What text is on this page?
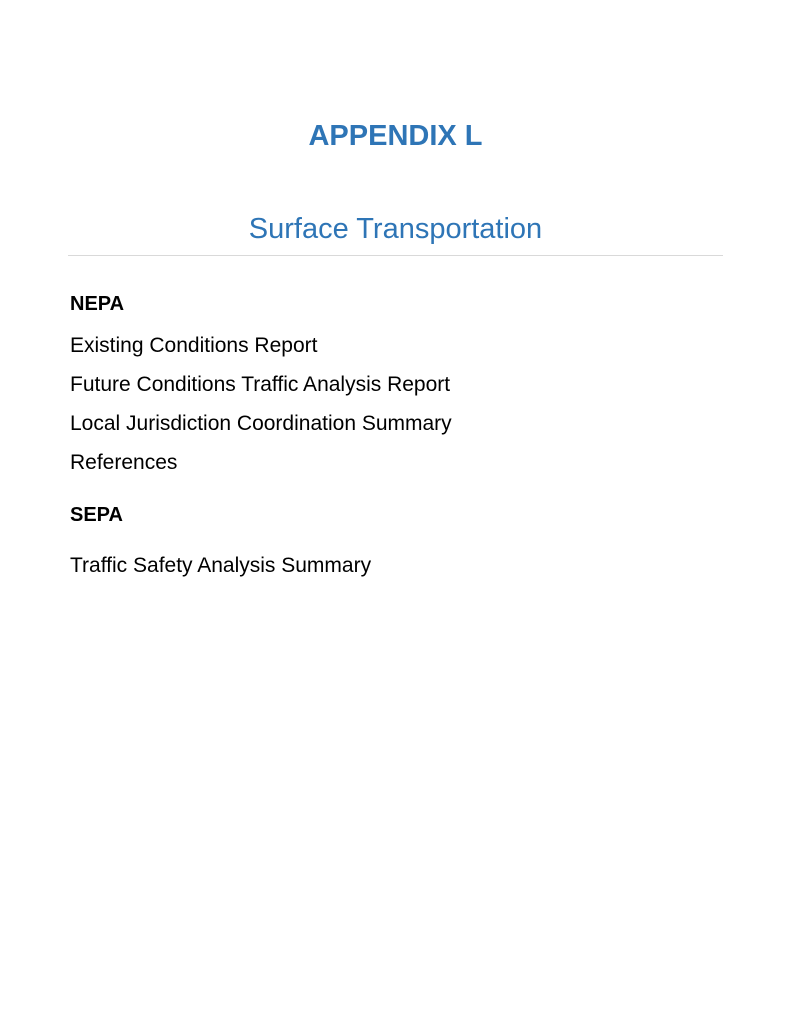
APPENDIX L
Surface Transportation
NEPA
Existing Conditions Report
Future Conditions Traffic Analysis Report
Local Jurisdiction Coordination Summary
References
SEPA
Traffic Safety Analysis Summary
